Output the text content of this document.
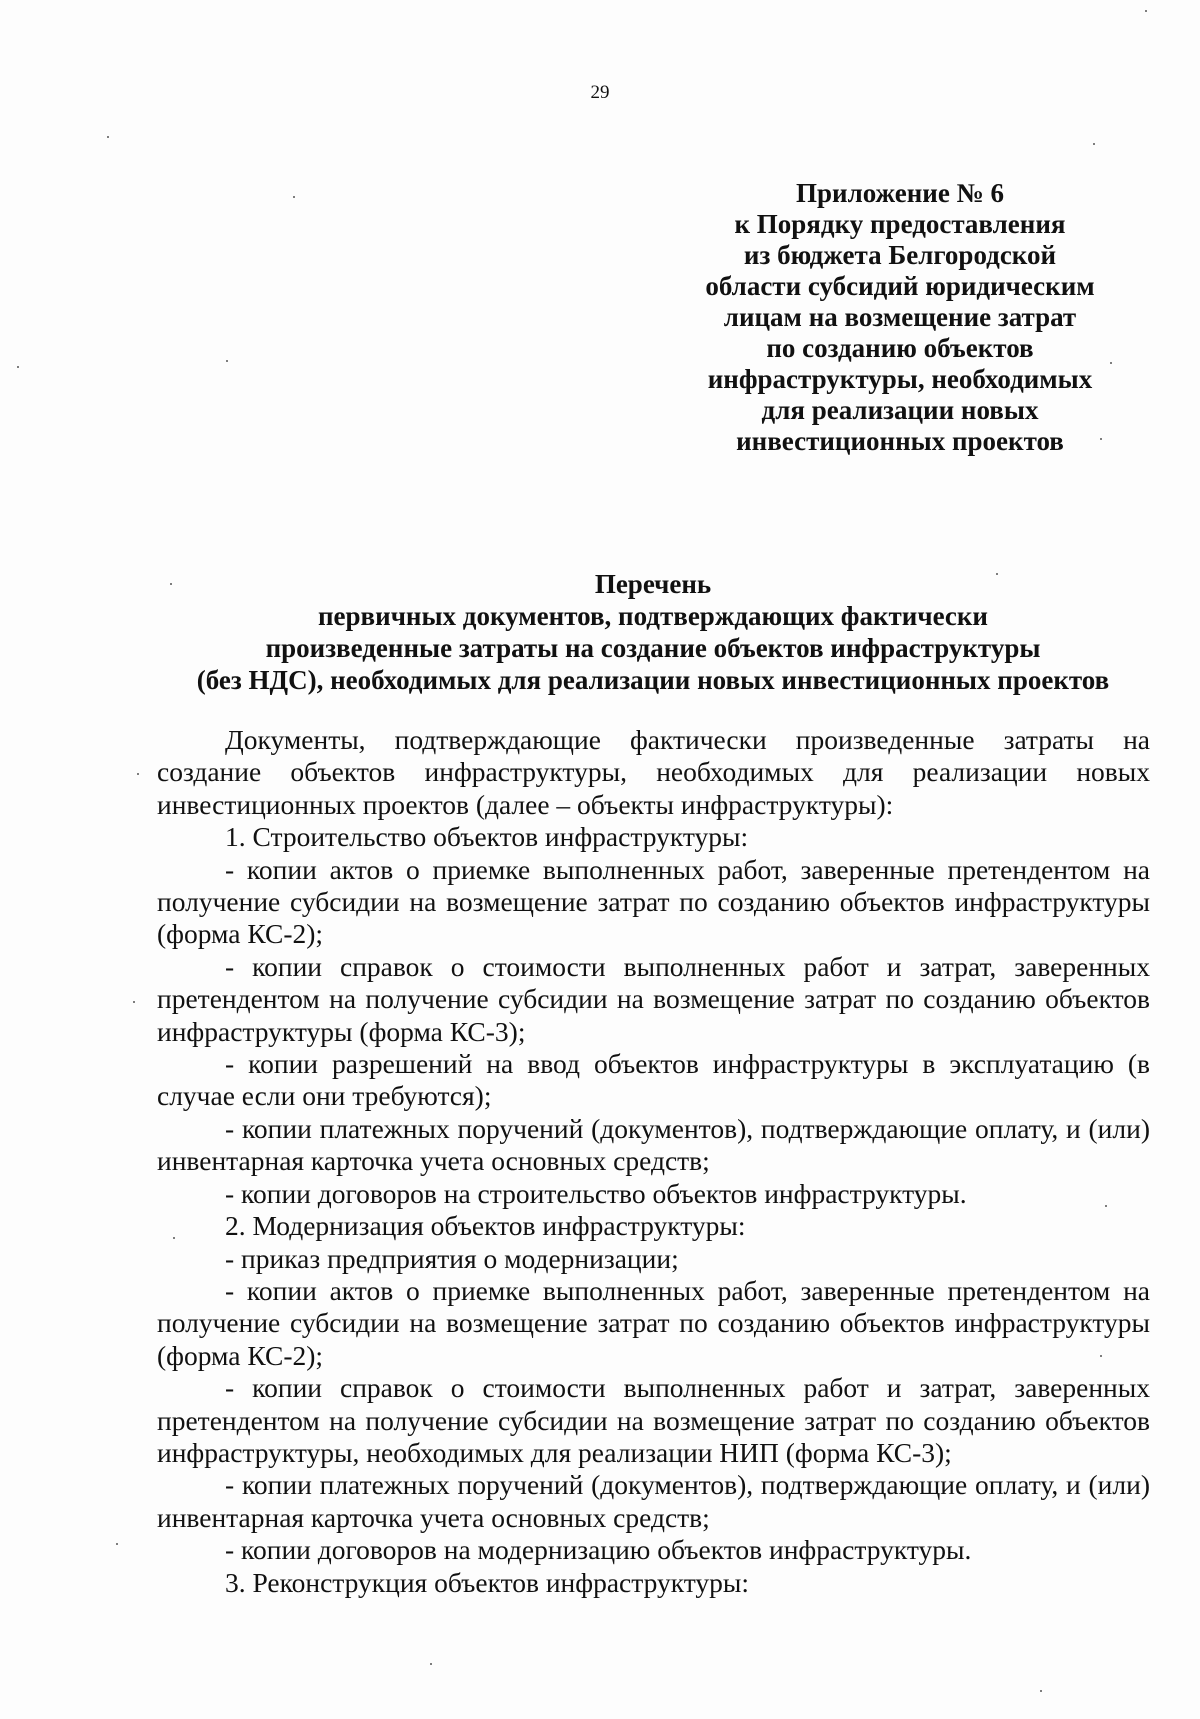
29
Приложение № 6
к Порядку предоставления
из бюджета Белгородской
области субсидий юридическим
лицам на возмещение затрат
по созданию объектов
инфраструктуры, необходимых
для реализации новых
инвестиционных проектов
Перечень
первичных документов, подтверждающих фактически
произведенные затраты на создание объектов инфраструктуры
(без НДС), необходимых для реализации новых инвестиционных проектов

Документы, подтверждающие фактически произведенные затраты на создание объектов инфраструктуры, необходимых для реализации новых инвестиционных проектов (далее – объекты инфраструктуры):

1. Строительство объектов инфраструктуры:

- копии актов о приемке выполненных работ, заверенные претендентом на получение субсидии на возмещение затрат по созданию объектов инфраструктуры (форма КС-2);

- копии справок о стоимости выполненных работ и затрат, заверенных претендентом на получение субсидии на возмещение затрат по созданию объектов инфраструктуры (форма КС-3);

- копии разрешений на ввод объектов инфраструктуры в эксплуатацию (в случае если они требуются);

- копии платежных поручений (документов), подтверждающие оплату, и (или) инвентарная карточка учета основных средств;

- копии договоров на строительство объектов инфраструктуры.

2. Модернизация объектов инфраструктуры:

- приказ предприятия о модернизации;

- копии актов о приемке выполненных работ, заверенные претендентом на получение субсидии на возмещение затрат по созданию объектов инфраструктуры (форма КС-2);

- копии справок о стоимости выполненных работ и затрат, заверенных претендентом на получение субсидии на возмещение затрат по созданию объектов инфраструктуры, необходимых для реализации НИП (форма КС-3);

- копии платежных поручений (документов), подтверждающие оплату, и (или) инвентарная карточка учета основных средств;

- копии договоров на модернизацию объектов инфраструктуры.

3. Реконструкция объектов инфраструктуры:
